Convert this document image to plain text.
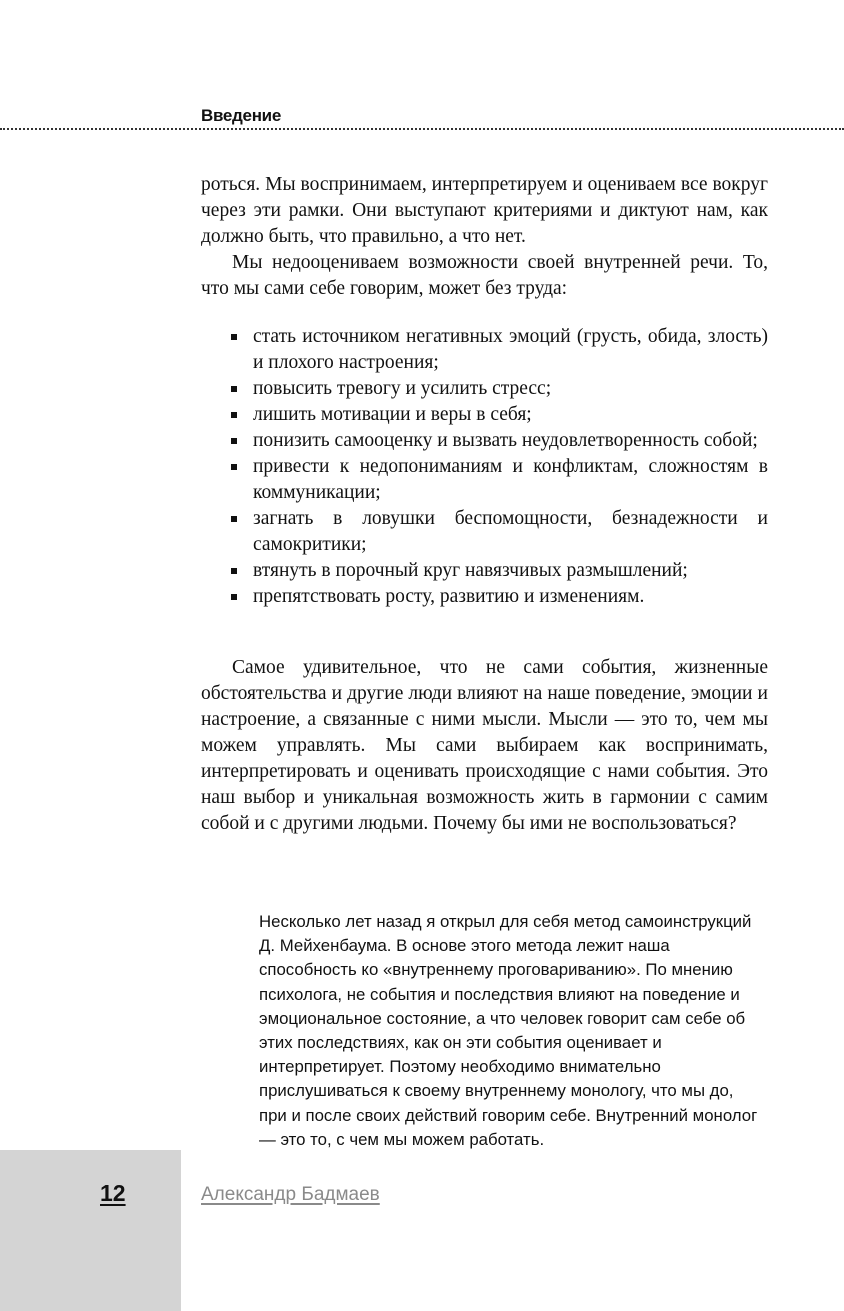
Введение

роться. Мы воспринимаем, интерпретируем и оцениваем все вокруг через эти рамки. Они выступают критериями и диктуют нам, как должно быть, что правильно, а что нет.

Мы недооцениваем возможности своей внутренней речи. То, что мы сами себе говорим, может без труда:

стать источником негативных эмоций (грусть, обида, злость) и плохого настроения;
повысить тревогу и усилить стресс;
лишить мотивации и веры в себя;
понизить самооценку и вызвать неудовлетворенность собой;
привести к недопониманиям и конфликтам, сложностям в коммуникации;
загнать в ловушки беспомощности, безнадежности и самокритики;
втянуть в порочный круг навязчивых размышлений;
препятствовать росту, развитию и изменениям.

Самое удивительное, что не сами события, жизненные обстоятельства и другие люди влияют на наше поведение, эмоции и настроение, а связанные с ними мысли. Мысли — это то, чем мы можем управлять. Мы сами выбираем как воспринимать, интерпретировать и оценивать происходящие с нами события. Это наш выбор и уникальная возможность жить в гармонии с самим собой и с другими людьми. Почему бы ими не воспользоваться?

Несколько лет назад я открыл для себя метод самоинструкций Д. Мейхенбаума. В основе этого метода лежит наша способность ко «внутреннему проговариванию». По мнению психолога, не события и последствия влияют на поведение и эмоциональное состояние, а что человек говорит сам себе об этих последствиях, как он эти события оценивает и интерпретирует. Поэтому необходимо внимательно прислушиваться к своему внутреннему монологу, что мы до, при и после своих действий говорим себе. Внутренний монолог — это то, с чем мы можем работать.

12	Александр Бадмаев
